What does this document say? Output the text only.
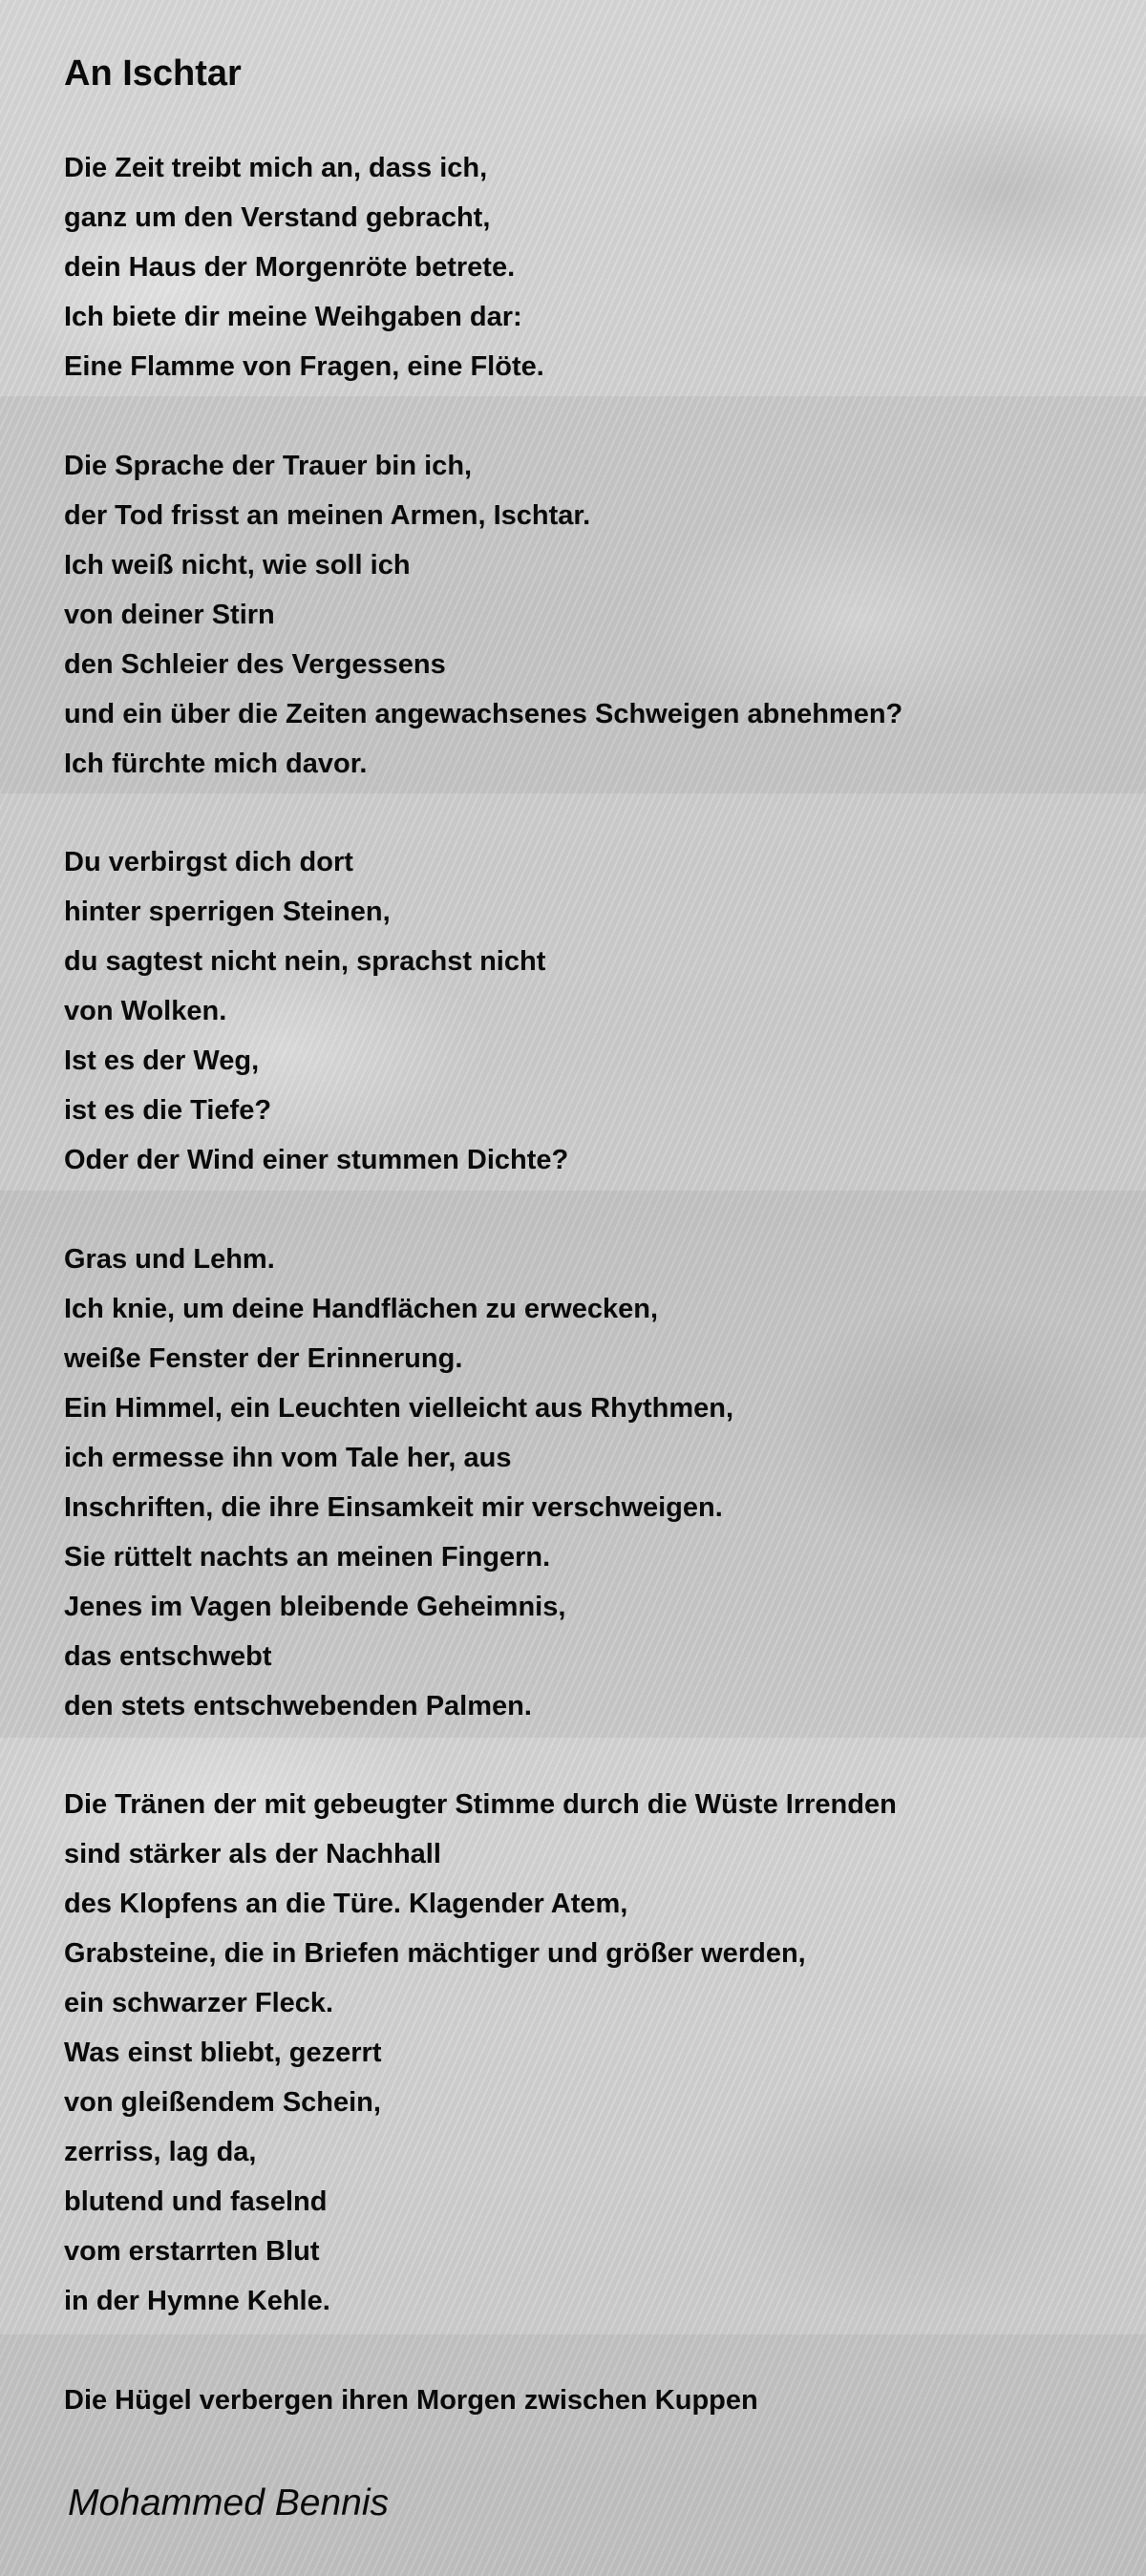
An Ischtar
Die Zeit treibt mich an, dass ich,
ganz um den Verstand gebracht,
dein Haus der Morgenröte betrete.
Ich biete dir meine Weihgaben dar:
Eine Flamme von Fragen, eine Flöte.
Die Sprache der Trauer bin ich,
der Tod frisst an meinen Armen, Ischtar.
Ich weiß nicht, wie soll ich
von deiner Stirn
den Schleier des Vergessens
und ein über die Zeiten angewachsenes Schweigen abnehmen?
Ich fürchte mich davor.
Du verbirgst dich dort
hinter sperrigen Steinen,
du sagtest nicht nein, sprachst nicht
von Wolken.
Ist es der Weg,
ist es die Tiefe?
Oder der Wind einer stummen Dichte?
Gras und Lehm.
Ich knie, um deine Handflächen zu erwecken,
weiße Fenster der Erinnerung.
Ein Himmel, ein Leuchten vielleicht aus Rhythmen,
ich ermesse ihn vom Tale her, aus
Inschriften, die ihre Einsamkeit mir verschweigen.
Sie rüttelt nachts an meinen Fingern.
Jenes im Vagen bleibende Geheimnis,
das entschwebt
den stets entschwebenden Palmen.
Die Tränen der mit gebeugter Stimme durch die Wüste Irrenden
sind stärker als der Nachhall
des Klopfens an die Türe. Klagender Atem,
Grabsteine, die in Briefen mächtiger und größer werden,
ein schwarzer Fleck.
Was einst bliebt, gezerrt
von gleißendem Schein,
zerriss, lag da,
blutend und faselnd
vom erstarrten Blut
in der Hymne Kehle.
Die Hügel verbergen ihren Morgen zwischen Kuppen

Mohammed Bennis
